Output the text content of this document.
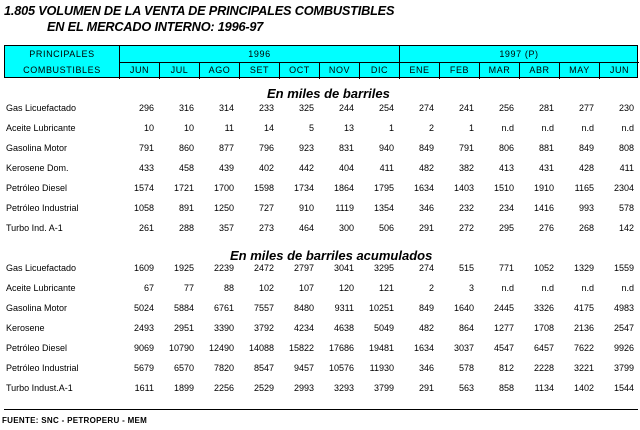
1.805 VOLUMEN DE LA VENTA DE PRINCIPALES COMBUSTIBLES
EN EL MERCADO INTERNO: 1996-97
PRINCIPALES
COMBUSTIBLES
1996	1997 (P)
JUN	JUL	AGO	SET	OCT	NOV	DIC	ENE	FEB	MAR	ABR	MAY	JUN
En miles de barriles
Gas Licuefactado	296	316	314	233	325	244	254	274	241	256	281	277	230
Aceite Lubricante	10	10	11	14	5	13	1	2	1	n.d	n.d	n.d	n.d
Gasolina Motor	791	860	877	796	923	831	940	849	791	806	881	849	808
Kerosene Dom.	433	458	439	402	442	404	411	482	382	413	431	428	411
Petróleo Diesel	1574	1721	1700	1598	1734	1864	1795	1634	1403	1510	1910	1165	2304
Petróleo Industrial	1058	891	1250	727	910	1119	1354	346	232	234	1416	993	578
Turbo Ind. A-1	261	288	357	273	464	300	506	291	272	295	276	268	142
En miles de barriles acumulados
Gas Licuefactado	1609	1925	2239	2472	2797	3041	3295	274	515	771	1052	1329	1559
Aceite Lubricante	67	77	88	102	107	120	121	2	3	n.d	n.d	n.d	n.d
Gasolina Motor	5024	5884	6761	7557	8480	9311	10251	849	1640	2445	3326	4175	4983
Kerosene	2493	2951	3390	3792	4234	4638	5049	482	864	1277	1708	2136	2547
Petróleo Diesel	9069	10790	12490	14088	15822	17686	19481	1634	3037	4547	6457	7622	9926
Petróleo Industrial	5679	6570	7820	8547	9457	10576	11930	346	578	812	2228	3221	3799
Turbo Indust.A-1	1611	1899	2256	2529	2993	3293	3799	291	563	858	1134	1402	1544
FUENTE: SNC - PETROPERU - MEM
